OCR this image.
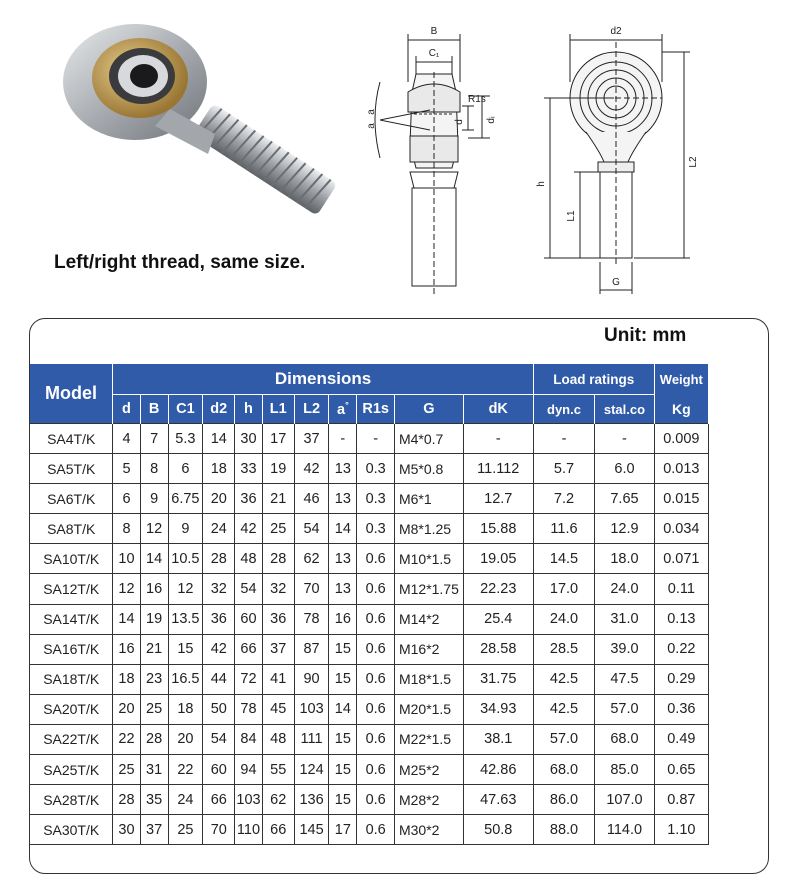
Left/right thread, same size.
B
C₁
R1s
d dᵢ
a
a
d2
h
L1
L2
G
Unit: mm
Model	Dimensions											Load ratings		Weight
	d	B	C1	d2	h	L1	L2	a°	R1s	G	dK	dyn.c	stal.co	Kg
SA4T/K	4	7	5.3	14	30	17	37	-	-	M4*0.7	-	-	-	0.009
SA5T/K	5	8	6	18	33	19	42	13	0.3	M5*0.8	11.112	5.7	6.0	0.013
SA6T/K	6	9	6.75	20	36	21	46	13	0.3	M6*1	12.7	7.2	7.65	0.015
SA8T/K	8	12	9	24	42	25	54	14	0.3	M8*1.25	15.88	11.6	12.9	0.034
SA10T/K	10	14	10.5	28	48	28	62	13	0.6	M10*1.5	19.05	14.5	18.0	0.071
SA12T/K	12	16	12	32	54	32	70	13	0.6	M12*1.75	22.23	17.0	24.0	0.11
SA14T/K	14	19	13.5	36	60	36	78	16	0.6	M14*2	25.4	24.0	31.0	0.13
SA16T/K	16	21	15	42	66	37	87	15	0.6	M16*2	28.58	28.5	39.0	0.22
SA18T/K	18	23	16.5	44	72	41	90	15	0.6	M18*1.5	31.75	42.5	47.5	0.29
SA20T/K	20	25	18	50	78	45	103	14	0.6	M20*1.5	34.93	42.5	57.0	0.36
SA22T/K	22	28	20	54	84	48	111	15	0.6	M22*1.5	38.1	57.0	68.0	0.49
SA25T/K	25	31	22	60	94	55	124	15	0.6	M25*2	42.86	68.0	85.0	0.65
SA28T/K	28	35	24	66	103	62	136	15	0.6	M28*2	47.63	86.0	107.0	0.87
SA30T/K	30	37	25	70	110	66	145	17	0.6	M30*2	50.8	88.0	114.0	1.10
